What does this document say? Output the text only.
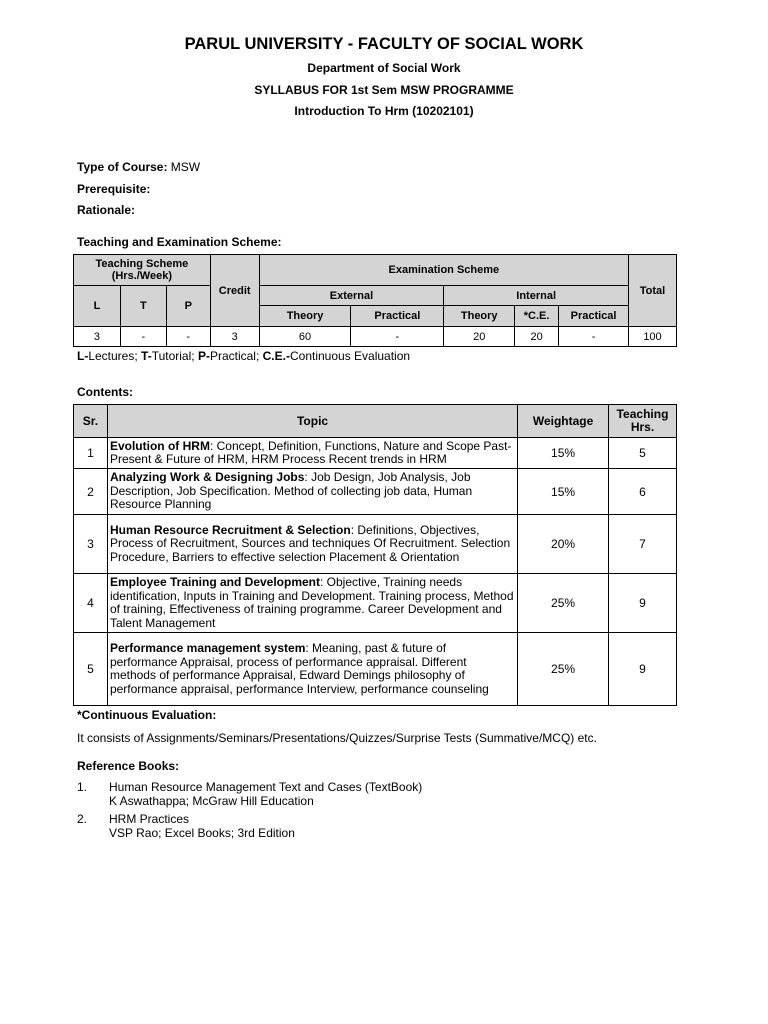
PARUL UNIVERSITY - FACULTY OF SOCIAL WORK
Department of Social Work
SYLLABUS FOR 1st Sem MSW PROGRAMME
Introduction To Hrm (10202101)
Type of Course: MSW
Prerequisite:
Rationale:
Teaching and Examination Scheme:
Teaching Scheme (Hrs./Week)			Credit	Examination Scheme					Total
L	T	P		External		Internal			
				Theory	Practical	Theory	*C.E.	Practical	
3	-	-	3	60	-	20	20	-	100
L-Lectures; T-Tutorial; P-Practical; C.E.-Continuous Evaluation
Contents:
Sr.	Topic	Weightage	Teaching Hrs.
1	Evolution of HRM: Concept, Definition, Functions, Nature and Scope Past-Present & Future of HRM, HRM Process Recent trends in HRM	15%	5
2	Analyzing Work & Designing Jobs: Job Design, Job Analysis, Job Description, Job Specification. Method of collecting job data, Human Resource Planning	15%	6
3	Human Resource Recruitment & Selection: Definitions, Objectives, Process of Recruitment, Sources and techniques Of Recruitment. Selection Procedure, Barriers to effective selection Placement & Orientation	20%	7
4	Employee Training and Development: Objective, Training needs identification, Inputs in Training and Development. Training process, Method of training, Effectiveness of training programme. Career Development and Talent Management	25%	9
5	Performance management system: Meaning, past & future of performance Appraisal, process of performance appraisal. Different methods of performance Appraisal, Edward Demings philosophy of performance appraisal, performance Interview, performance counseling	25%	9
*Continuous Evaluation:
It consists of Assignments/Seminars/Presentations/Quizzes/Surprise Tests (Summative/MCQ) etc.
Reference Books:
1. Human Resource Management Text and Cases (TextBook)
K Aswathappa; McGraw Hill Education
2. HRM Practices
VSP Rao; Excel Books; 3rd Edition
